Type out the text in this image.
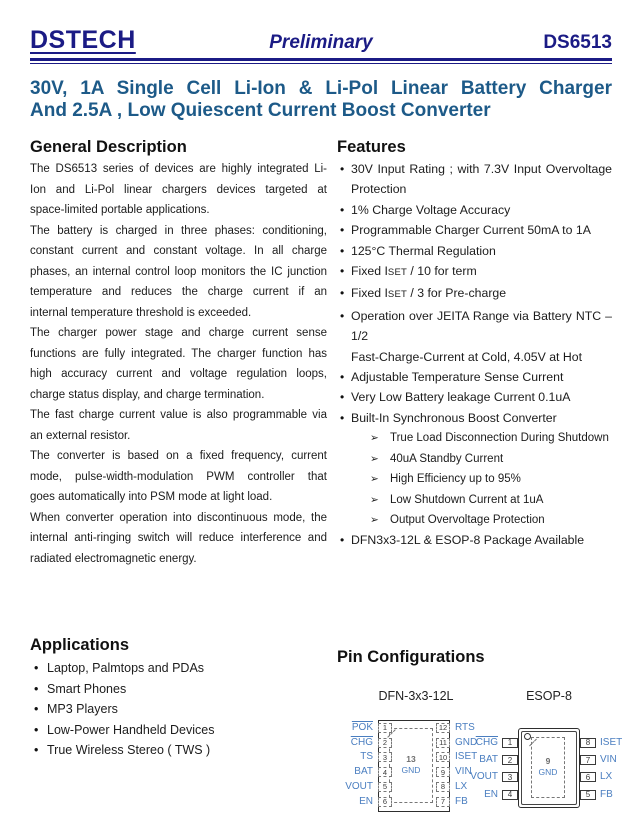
DSTECH	Preliminary	DS6513
30V, 1A Single Cell Li-Ion & Li-Pol Linear Battery Charger
And 2.5A , Low Quiescent Current Boost Converter
General Description
The DS6513 series of devices are highly integrated Li-
Ion and Li-Pol linear chargers devices targeted at
space-limited portable applications.
The battery is charged in three phases: conditioning,
constant current and constant voltage. In all charge
phases, an internal control loop monitors the IC junction
temperature and reduces the charge current if an
internal temperature threshold is exceeded.
The charger power stage and charge current sense
functions are fully integrated. The charger function has
high accuracy current and voltage regulation loops,
charge status display, and charge termination.
The fast charge current value is also programmable via
an external resistor.
The converter is based on a fixed frequency, current
mode, pulse-width-modulation PWM controller that
goes automatically into PSM mode at light load.
When converter operation into discontinuous mode, the
internal anti-ringing switch will reduce interference and
radiated electromagnetic energy.
Applications
• Laptop, Palmtops and PDAs
• Smart Phones
• MP3 Players
• Low-Power Handheld Devices
• True Wireless Stereo ( TWS )
Features
• 30V Input Rating ; with 7.3V Input Overvoltage
Protection
• 1% Charge Voltage Accuracy
• Programmable Charger Current 50mA to 1A
• 125°C Thermal Regulation
• Fixed ISET / 10 for term
• Fixed ISET / 3 for Pre-charge
• Operation over JEITA Range via Battery NTC – 1/2
Fast-Charge-Current at Cold, 4.05V at Hot
• Adjustable Temperature Sense Current
• Very Low Battery leakage Current 0.1uA
• Built-In Synchronous Boost Converter
➢ True Load Disconnection During Shutdown
➢ 40uA Standby Current
➢ High Efficiency up to 95%
➢ Low Shutdown Current at 1uA
➢ Output Overvoltage Protection
• DFN3x3-12L & ESOP-8 Package Available
Pin Configurations
DFN-3x3-12L
13
GND
1
$\overline{POK}$
2
$\overline{CHG}$
3
TS
4
BAT
5
VOUT
6
EN
12 RTS
11 GND
10 ISET
9 VIN
8 LX
7 FB
ESOP-8
9
GND
1
$\overline{CHG}$
2
BAT
3
VOUT
4
EN
8 ISET
7 VIN
6 LX
5 FB
